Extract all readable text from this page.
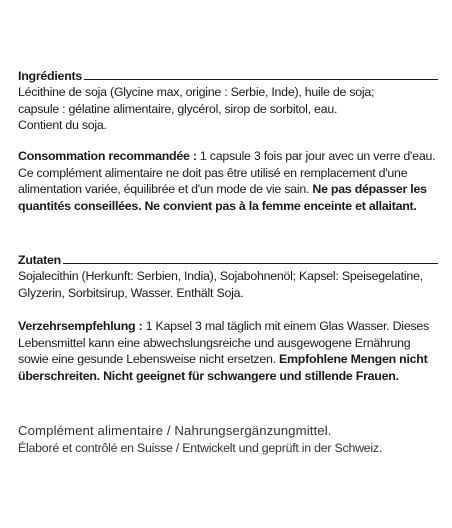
Ingrédients

Lécithine de soja (Glycine max, origine : Serbie, Inde), huile de soja;

capsule : gélatine alimentaire, glycérol, sirop de sorbitol, eau.

Contient du soja.

Consommation recommandée : 1 capsule 3 fois par jour avec un verre d'eau. Ce complément alimentaire ne doit pas être utilisé en remplacement d'une alimentation variée, équilibrée et d'un mode de vie sain. Ne pas dépasser les quantités conseillées. Ne convient pas à la femme enceinte et allaitant.

Zutaten

Sojalecithin (Herkunft: Serbien, India), Sojabohnenöl; Kapsel: Speisegelatine, Glyzerin, Sorbitsirup, Wasser. Enthält Soja.

Verzehrsempfehlung : 1 Kapsel 3 mal täglich mit einem Glas Wasser. Dieses Lebensmittel kann eine abwechslungsreiche und ausgewogene Ernährung sowie eine gesunde Lebensweise nicht ersetzen. Empfohlene Mengen nicht überschreiten. Nicht geeignet für schwangere und stillende Frauen.

Complément alimentaire / Nahrungsergänzungmittel.

Élaboré et contrôlé en Suisse / Entwickelt und geprüft in der Schweiz.
